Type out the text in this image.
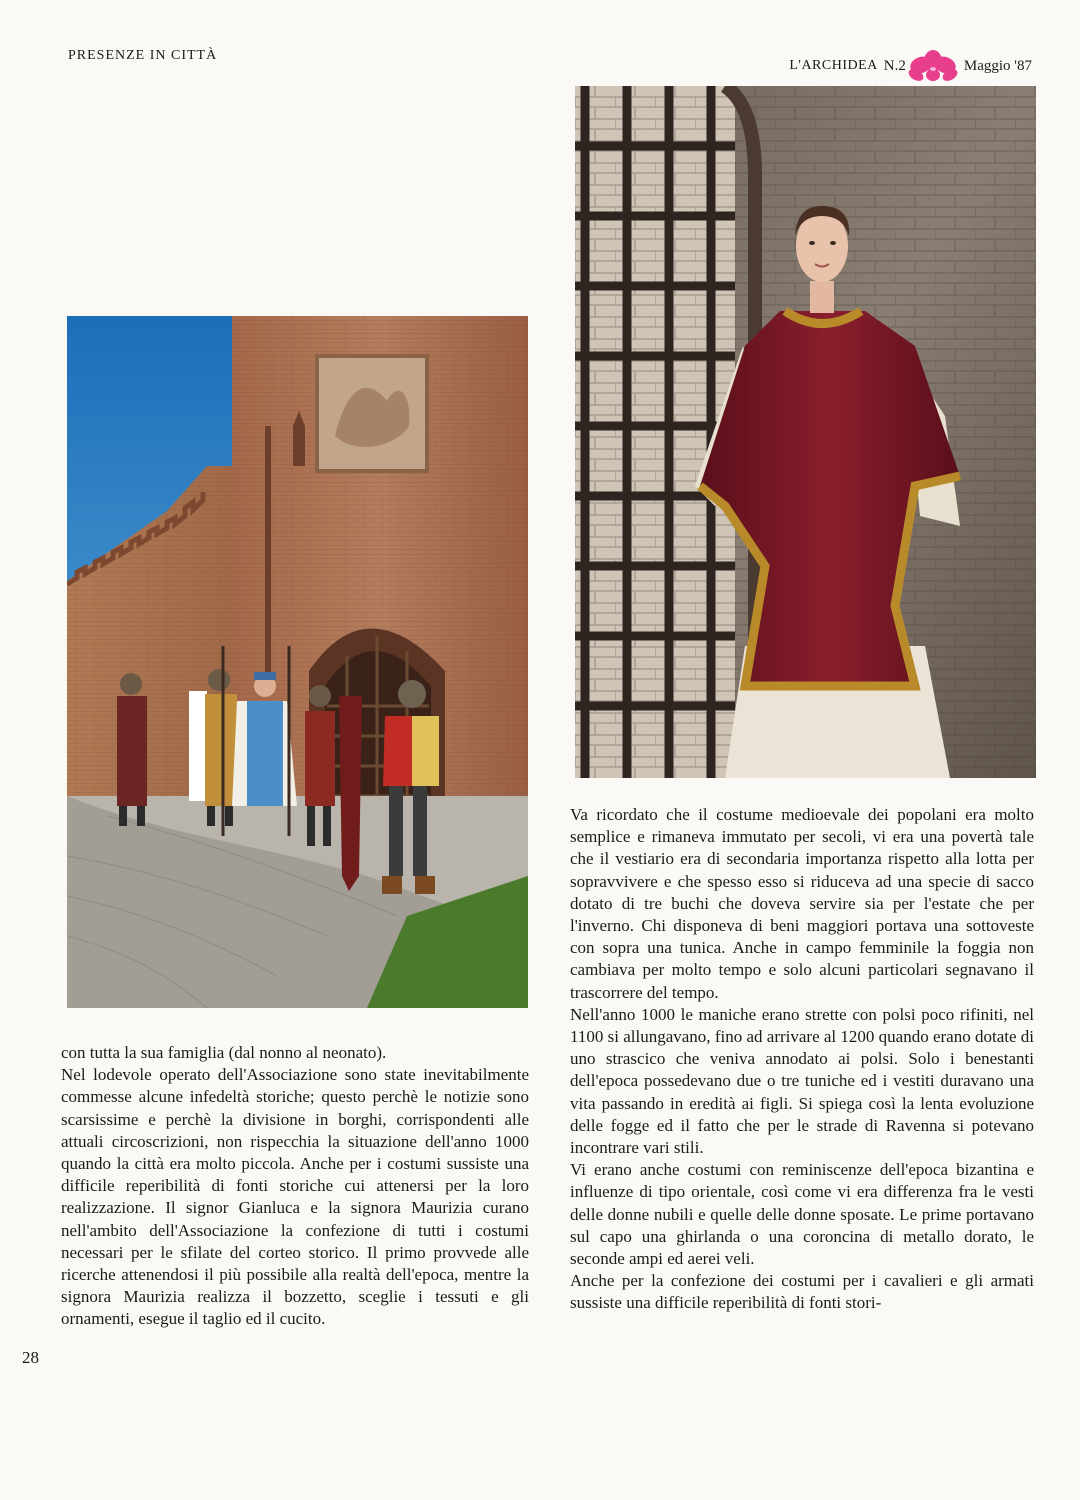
PRESENZE IN CITTÀ

L'ARCHIDEA N.2	Maggio '87

con tutta la sua famiglia (dal nonno al neonato).

Nel lodevole operato dell'Associazione sono state inevitabilmente commesse alcune infedeltà storiche; questo perchè le notizie sono scarsissime e perchè la divisione in borghi, corrispondenti alle attuali circoscrizioni, non rispecchia la situazione dell'anno 1000 quando la città era molto piccola. Anche per i costumi sussiste una difficile reperibilità di fonti storiche cui attenersi per la loro realizzazione. Il signor Gianluca e la signora Maurizia curano nell'ambito dell'Associazione la confezione di tutti i costumi necessari per le sfilate del corteo storico. Il primo provvede alle ricerche attenendosi il più possibile alla realtà dell'epoca, mentre la signora Maurizia realizza il bozzetto, sceglie i tessuti e gli ornamenti, esegue il taglio ed il cucito.

Va ricordato che il costume medioevale dei popolani era molto semplice e rimaneva immutato per secoli, vi era una povertà tale che il vestiario era di secondaria importanza rispetto alla lotta per sopravvivere e che spesso esso si riduceva ad una specie di sacco dotato di tre buchi che doveva servire sia per l'estate che per l'inverno. Chi disponeva di beni maggiori portava una sottoveste con sopra una tunica. Anche in campo femminile la foggia non cambiava per molto tempo e solo alcuni particolari segnavano il trascorrere del tempo.

Nell'anno 1000 le maniche erano strette con polsi poco rifiniti, nel 1100 si allungavano, fino ad arrivare al 1200 quando erano dotate di uno strascico che veniva annodato ai polsi. Solo i benestanti dell'epoca possedevano due o tre tuniche ed i vestiti duravano una vita passando in eredità ai figli. Si spiega così la lenta evoluzione delle fogge ed il fatto che per le strade di Ravenna si potevano incontrare vari stili.

Vi erano anche costumi con reminiscenze dell'epoca bizantina e influenze di tipo orientale, così come vi era differenza fra le vesti delle donne nubili e quelle delle donne sposate. Le prime portavano sul capo una ghirlanda o una coroncina di metallo dorato, le seconde ampi ed aerei veli.

Anche per la confezione dei costumi per i cavalieri e gli armati sussiste una difficile reperibilità di fonti stori-

28
